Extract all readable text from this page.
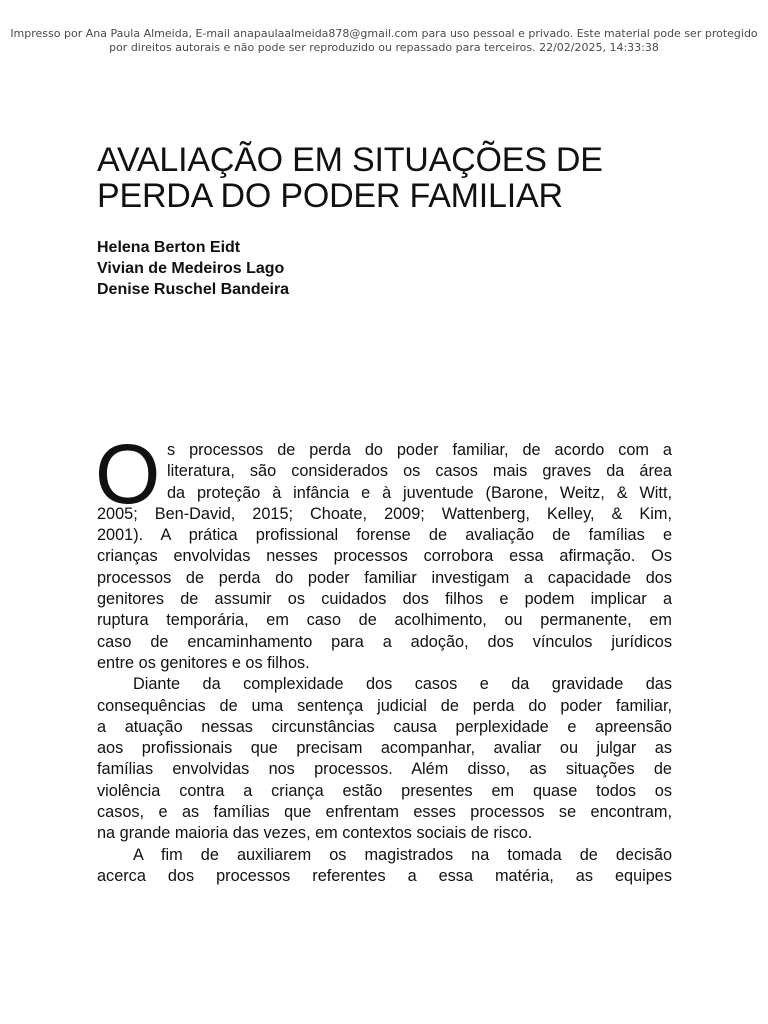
Impresso por Ana Paula Almeida, E-mail anapaulaalmeida878@gmail.com para uso pessoal e privado. Este material pode ser protegido
por direitos autorais e não pode ser reproduzido ou repassado para terceiros. 22/02/2025, 14:33:38
AVALIAÇÃO EM SITUAÇÕES DE
PERDA DO PODER FAMILIAR
Helena Berton Eidt
Vivian de Medeiros Lago
Denise Ruschel Bandeira
O s processos de perda do poder familiar, de acordo com a
literatura, são considerados os casos mais graves da área
da proteção à infância e à juventude (Barone, Weitz, & Witt,
2005; Ben-David, 2015; Choate, 2009; Wattenberg, Kelley, & Kim,
2001). A prática profissional forense de avaliação de famílias e
crianças envolvidas nesses processos corrobora essa afirmação. Os
processos de perda do poder familiar investigam a capacidade dos
genitores de assumir os cuidados dos filhos e podem implicar a
ruptura temporária, em caso de acolhimento, ou permanente, em
caso de encaminhamento para a adoção, dos vínculos jurídicos
entre os genitores e os filhos.
Diante da complexidade dos casos e da gravidade das
consequências de uma sentença judicial de perda do poder familiar,
a atuação nessas circunstâncias causa perplexidade e apreensão
aos profissionais que precisam acompanhar, avaliar ou julgar as
famílias envolvidas nos processos. Além disso, as situações de
violência contra a criança estão presentes em quase todos os
casos, e as famílias que enfrentam esses processos se encontram,
na grande maioria das vezes, em contextos sociais de risco.
A fim de auxiliarem os magistrados na tomada de decisão
acerca dos processos referentes a essa matéria, as equipes
